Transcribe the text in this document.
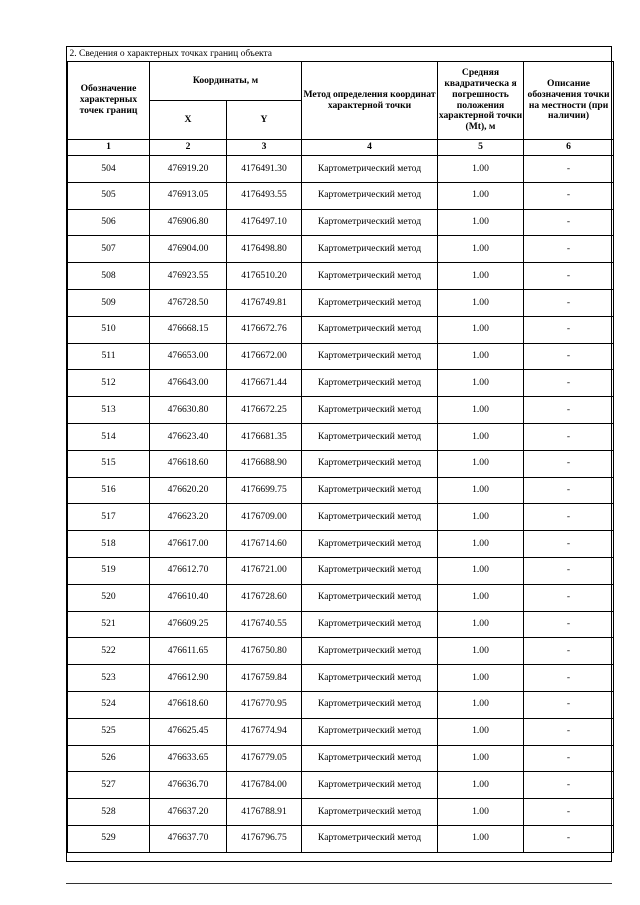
2. Сведения о характерных точках границ объекта					
Обозначение характерных точек границ	Координаты, м		Метод определения координат характерной точки	Средняя квадратическа я погрешность положения характерной точки (Mt), м	Описание обозначения точки на местности (при наличии)
	X	Y			
1	2	3	4	5	6
504	476919.20	4176491.30	Картометрический метод	1.00	-
505	476913.05	4176493.55	Картометрический метод	1.00	-
506	476906.80	4176497.10	Картометрический метод	1.00	-
507	476904.00	4176498.80	Картометрический метод	1.00	-
508	476923.55	4176510.20	Картометрический метод	1.00	-
509	476728.50	4176749.81	Картометрический метод	1.00	-
510	476668.15	4176672.76	Картометрический метод	1.00	-
511	476653.00	4176672.00	Картометрический метод	1.00	-
512	476643.00	4176671.44	Картометрический метод	1.00	-
513	476630.80	4176672.25	Картометрический метод	1.00	-
514	476623.40	4176681.35	Картометрический метод	1.00	-
515	476618.60	4176688.90	Картометрический метод	1.00	-
516	476620.20	4176699.75	Картометрический метод	1.00	-
517	476623.20	4176709.00	Картометрический метод	1.00	-
518	476617.00	4176714.60	Картометрический метод	1.00	-
519	476612.70	4176721.00	Картометрический метод	1.00	-
520	476610.40	4176728.60	Картометрический метод	1.00	-
521	476609.25	4176740.55	Картометрический метод	1.00	-
522	476611.65	4176750.80	Картометрический метод	1.00	-
523	476612.90	4176759.84	Картометрический метод	1.00	-
524	476618.60	4176770.95	Картометрический метод	1.00	-
525	476625.45	4176774.94	Картометрический метод	1.00	-
526	476633.65	4176779.05	Картометрический метод	1.00	-
527	476636.70	4176784.00	Картометрический метод	1.00	-
528	476637.20	4176788.91	Картометрический метод	1.00	-
529	476637.70	4176796.75	Картометрический метод	1.00	-
